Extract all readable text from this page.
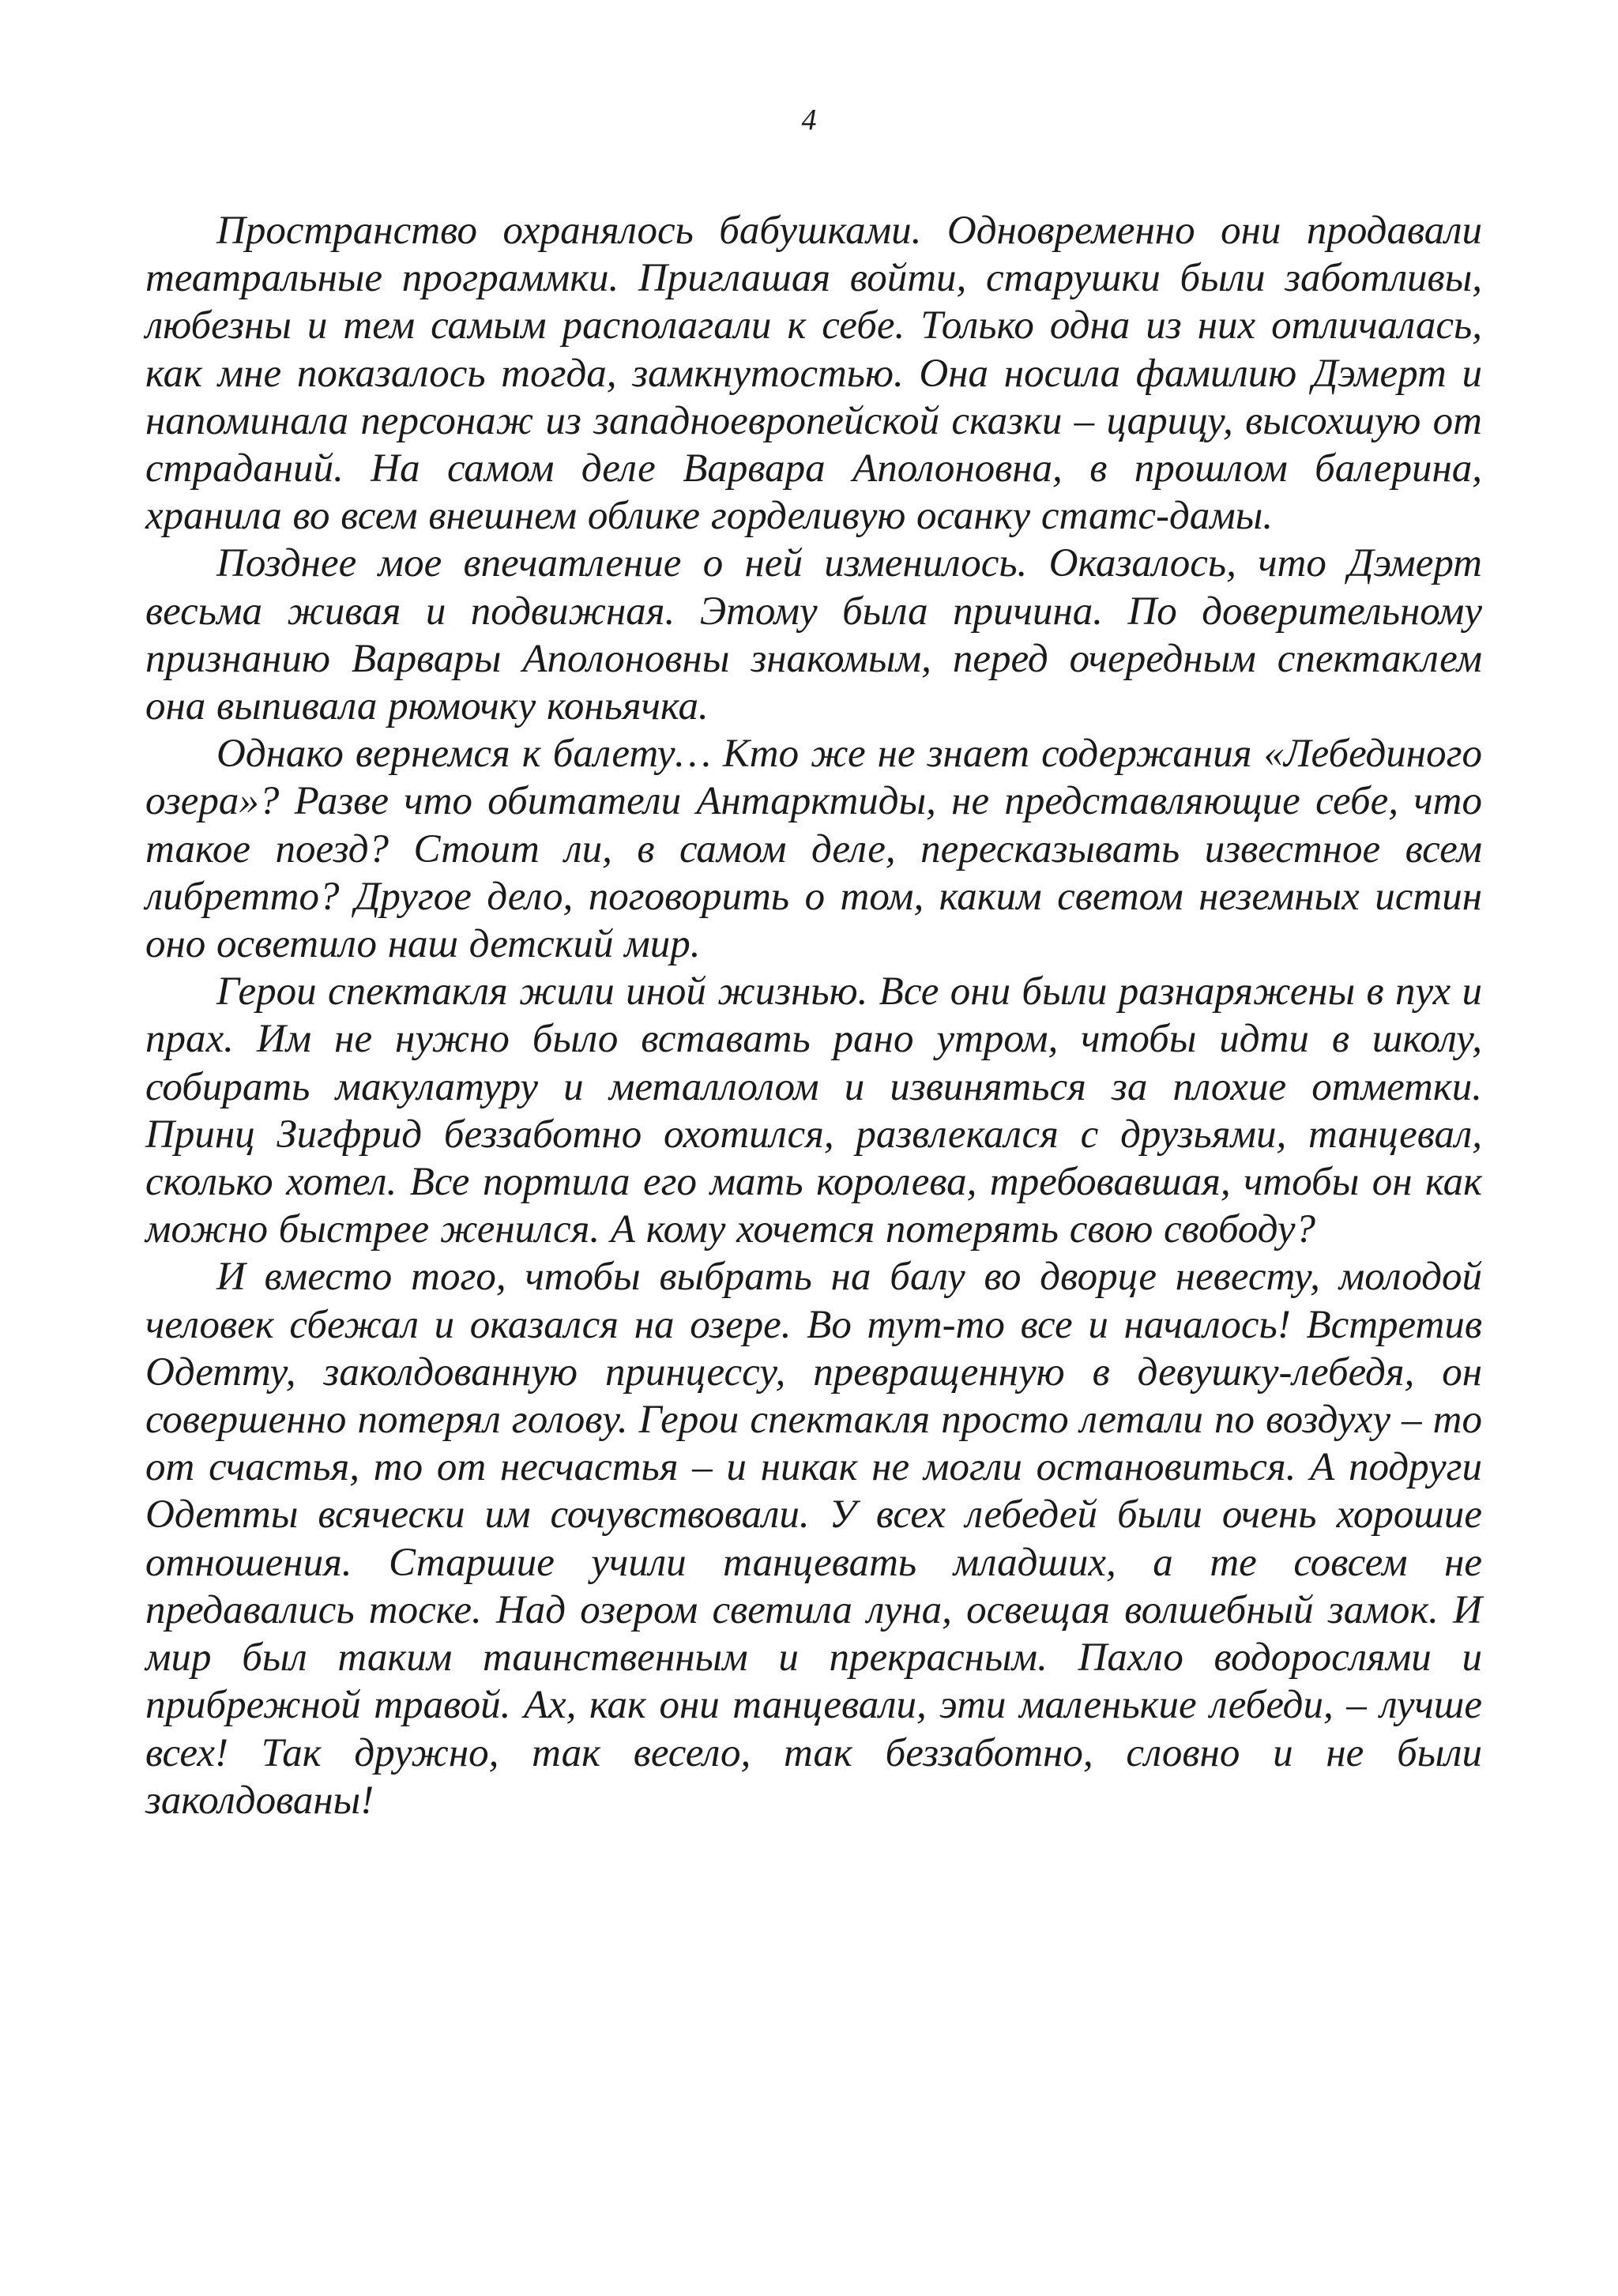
4

Пространство охранялось бабушками. Одновременно они продавали театральные программки. Приглашая войти, старушки были заботливы, любезны и тем самым располагали к себе. Только одна из них отличалась, как мне показалось тогда, замкнутостью. Она носила фамилию Дэмерт и напоминала персонаж из западноевропейской сказки – царицу, высохшую от страданий. На самом деле Варвара Аполоновна, в прошлом балерина, хранила во всем внешнем облике горделивую осанку статс-дамы.

Позднее мое впечатление о ней изменилось. Оказалось, что Дэмерт весьма живая и подвижная. Этому была причина. По доверительному признанию Варвары Аполоновны знакомым, перед очередным спектаклем она выпивала рюмочку коньячка.

Однако вернемся к балету… Кто же не знает содержания «Лебединого озера»? Разве что обитатели Антарктиды, не представляющие себе, что такое поезд? Стоит ли, в самом деле, пересказывать известное всем либретто? Другое дело, поговорить о том, каким светом неземных истин оно осветило наш детский мир.

Герои спектакля жили иной жизнью. Все они были разнаряжены в пух и прах. Им не нужно было вставать рано утром, чтобы идти в школу, собирать макулатуру и металлолом и извиняться за плохие отметки. Принц Зигфрид беззаботно охотился, развлекался с друзьями, танцевал, сколько хотел. Все портила его мать королева, требовавшая, чтобы он как можно быстрее женился. А кому хочется потерять свою свободу?

И вместо того, чтобы выбрать на балу во дворце невесту, молодой человек сбежал и оказался на озере. Во тут-то все и началось! Встретив Одетту, заколдованную принцессу, превращенную в девушку-лебедя, он совершенно потерял голову. Герои спектакля просто летали по воздуху – то от счастья, то от несчастья – и никак не могли остановиться. А подруги Одетты всячески им сочувствовали. У всех лебедей были очень хорошие отношения. Старшие учили танцевать младших, а те совсем не предавались тоске. Над озером светила луна, освещая волшебный замок. И мир был таким таинственным и прекрасным. Пахло водорослями и прибрежной травой. Ах, как они танцевали, эти маленькие лебеди, – лучше всех! Так дружно, так весело, так беззаботно, словно и не были заколдованы!
